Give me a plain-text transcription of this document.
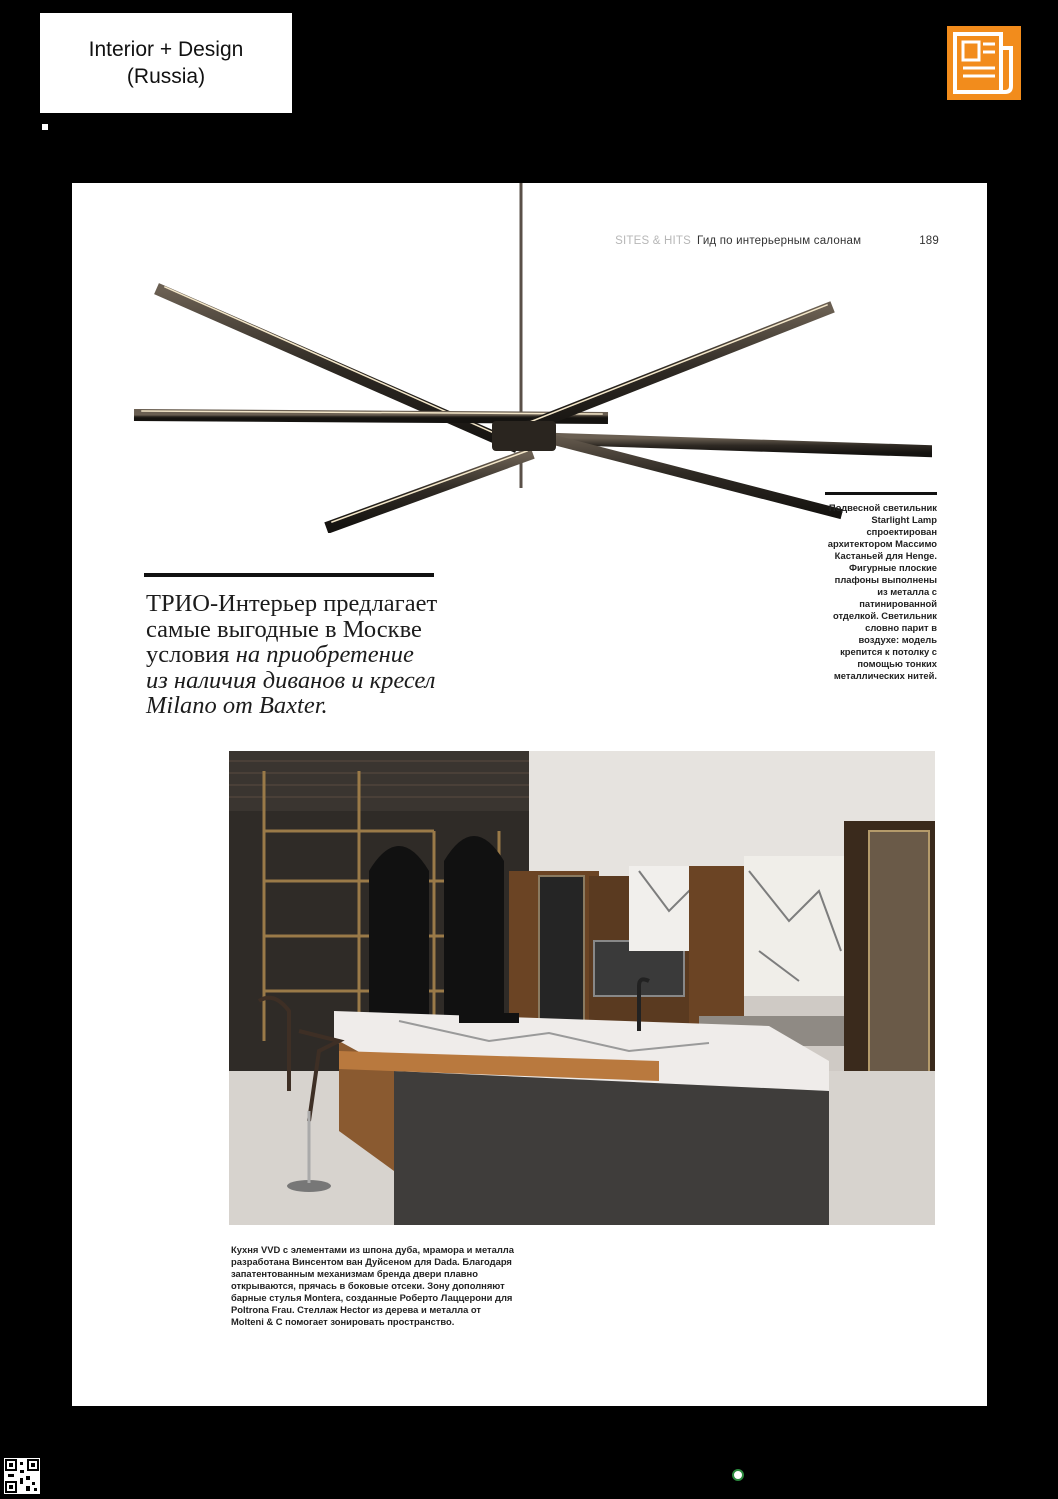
Interior + Design
(Russia)
SITES & HITS Гид по интерьерным салонам	189
Подвесной светильник Starlight Lamp спроектирован архитектором Массимо Кастаньей для Henge. Фигурные плоские плафоны выполнены из металла с патинированной отделкой. Светильник словно парит в воздухе: модель крепится к потолку с помощью тонких металлических нитей.
ТРИО-Интерьер предлагает
самые выгодные в Москве
условия на приобретение
из наличия диванов и кресел
Milano от Baxter.
Кухня VVD с элементами из шпона дуба, мрамора и металла разработана Винсентом ван Дуйсеном для Dada. Благодаря запатентованным механизмам бренда двери плавно открываются, прячась в боковые отсеки. Зону дополняют барные стулья Montera, созданные Роберто Лаццерони для Poltrona Frau. Стеллаж Hector из дерева и металла от Molteni & C помогает зонировать пространство.
